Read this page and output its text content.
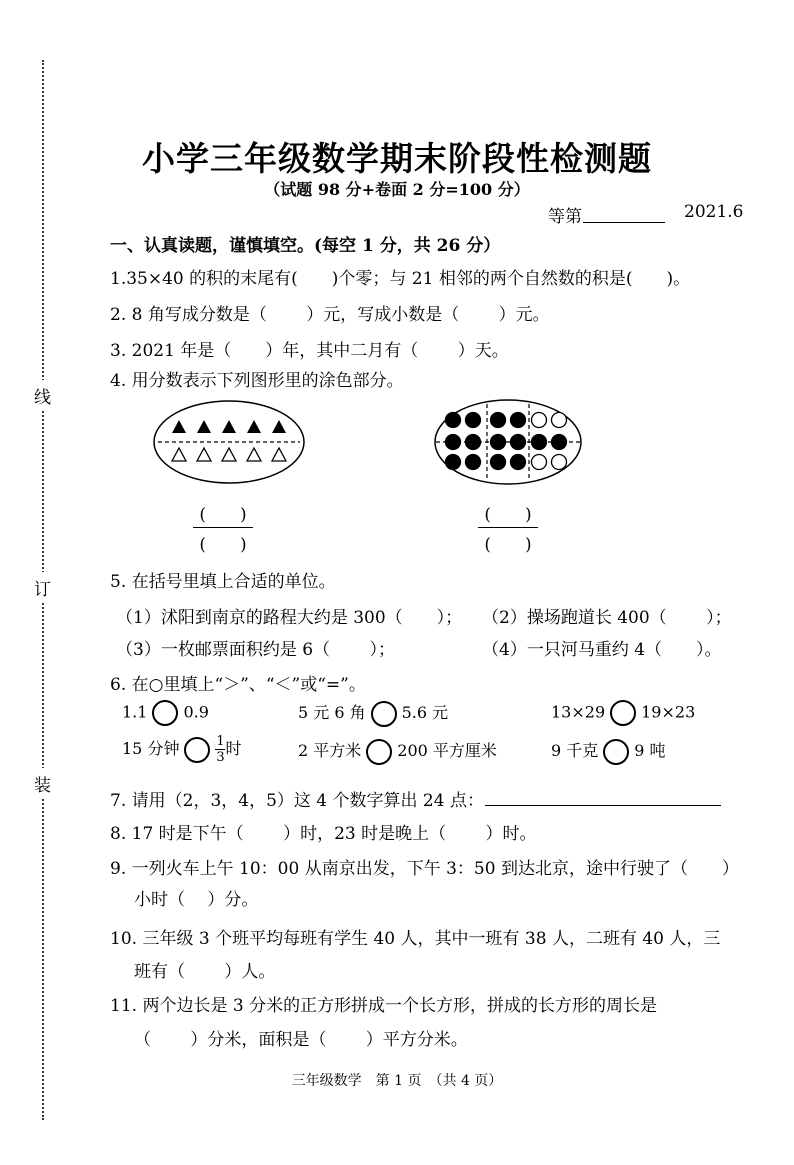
线
订
装
小学三年级数学期末阶段性检测题
（试题 98 分+卷面 2 分=100 分）
等第	2021.6
一、认真读题，谨慎填空。(每空 1 分，共 26 分）
1.35×40 的积的末尾有(　　)个零；与 21 相邻的两个自然数的积是(　　)。
2. 8 角写成分数是（　　 ）元，写成小数是（　　 ）元。
3. 2021 年是（　　）年，其中二月有（　　 ）天。
4. 用分数表示下列图形里的涂色部分。
(　　)
(　　)
(　　)
(　　)
5. 在括号里填上合适的单位。
（1）沭阳到南京的路程大约是 300（　　）； （2）操场跑道长 400（　　 ）；
（3）一枚邮票面积约是 6（　　 ）；	（4）一只河马重约 4（　　）。
6. 在○里填上“＞”、“＜”或“=”。
1.1 0.9	5 元 6 角 5.6 元	13×29 19×23
15 分钟	$\frac{1}{3}$时	2 平方米 200 平方厘米	9 千克 9 吨
7. 请用（2，3，4，5）这 4 个数字算出 24 点：
8. 17 时是下午（　　 ）时，23 时是晚上（　　 ）时。
9. 一列火车上午 10：00 从南京出发，下午 3：50 到达北京，途中行驶了（　　）
小时（　 ）分。
10. 三年级 3 个班平均每班有学生 40 人，其中一班有 38 人，二班有 40 人，三
班有（　　 ）人。
11. 两个边长是 3 分米的正方形拼成一个长方形，拼成的长方形的周长是
（　　 ）分米，面积是（　　 ）平方分米。
三年级数学　第 1 页　（共 4 页）
